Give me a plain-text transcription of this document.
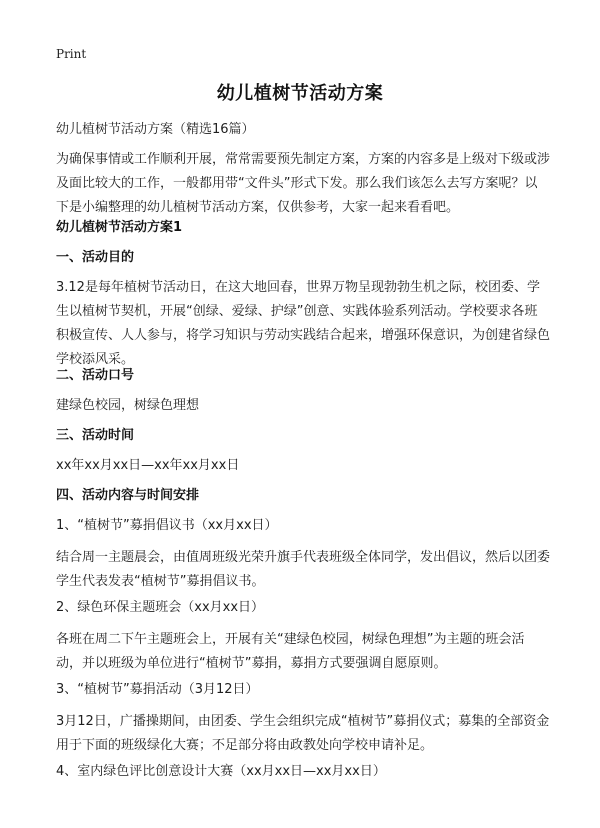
Print
幼儿植树节活动方案

幼儿植树节活动方案（精选16篇）

为确保事情或工作顺利开展，常常需要预先制定方案，方案的内容多是上级对下级或涉及面比较大的工作，一般都用带“文件头”形式下发。那么我们该怎么去写方案呢？以下是小编整理的幼儿植树节活动方案，仅供参考，大家一起来看看吧。

幼儿植树节活动方案1

一、活动目的

3.12是每年植树节活动日，在这大地回春，世界万物呈现勃勃生机之际，校团委、学生以植树节契机，开展“创绿、爱绿、护绿”创意、实践体验系列活动。学校要求各班积极宣传、人人参与，将学习知识与劳动实践结合起来，增强环保意识，为创建省绿色学校添风采。

二、活动口号

建绿色校园，树绿色理想

三、活动时间

xx年xx月xx日—xx年xx月xx日

四、活动内容与时间安排

1、“植树节”募捐倡议书（xx月xx日）

结合周一主题晨会，由值周班级光荣升旗手代表班级全体同学，发出倡议，然后以团委学生代表发表“植树节”募捐倡议书。

2、绿色环保主题班会（xx月xx日）

各班在周二下午主题班会上，开展有关“建绿色校园，树绿色理想”为主题的班会活动，并以班级为单位进行“植树节”募捐，募捐方式要强调自愿原则。

3、“植树节”募捐活动（3月12日）

3月12日，广播操期间，由团委、学生会组织完成“植树节”募捐仪式；募集的全部资金用于下面的班级绿化大赛；不足部分将由政教处向学校申请补足。

4、室内绿色评比创意设计大赛（xx月xx日—xx月xx日）
